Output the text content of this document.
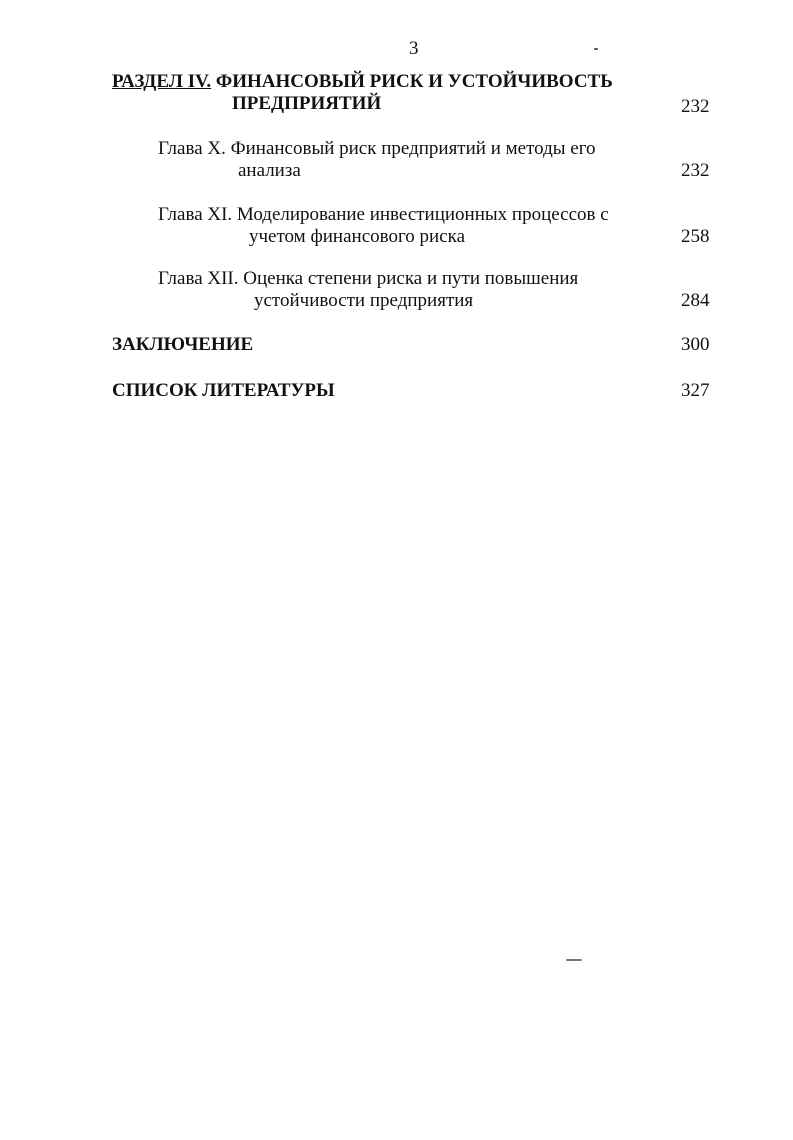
3
РАЗДЕЛ IV. ФИНАНСОВЫЙ РИСК И УСТОЙЧИВОСТЬ
ПРЕДПРИЯТИЙ	232
Глава X. Финансовый риск предприятий и методы его
анализа	232
Глава XI. Моделирование инвестиционных процессов с
учетом финансового риска	258
Глава XII. Оценка степени риска и пути повышения
устойчивости предприятия	284
ЗАКЛЮЧЕНИЕ	300
СПИСОК ЛИТЕРАТУРЫ	327
